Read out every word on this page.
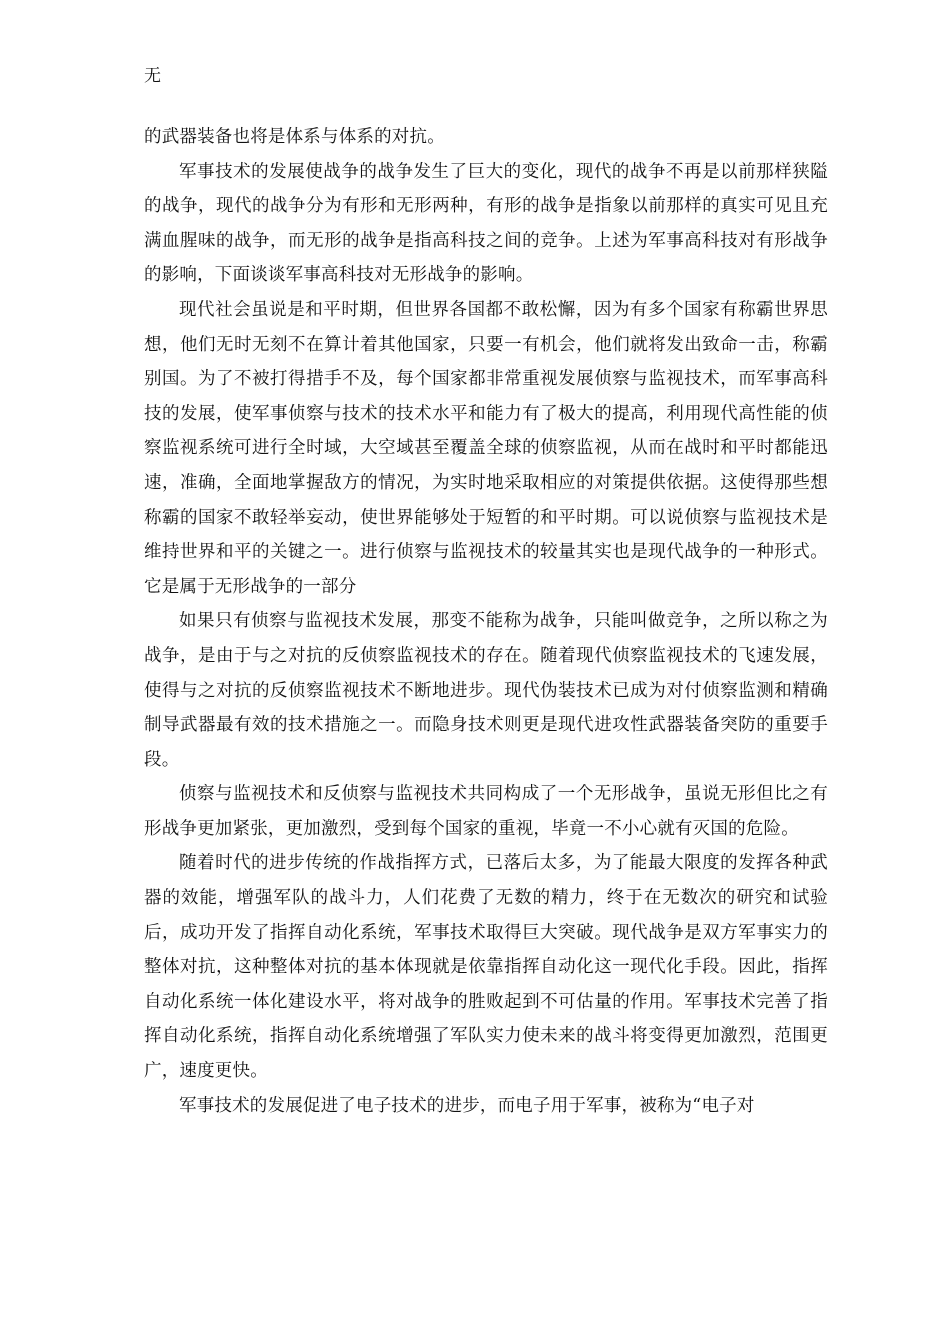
无

的武器装备也将是体系与体系的对抗。

军事技术的发展使战争的战争发生了巨大的变化，现代的战争不再是以前那样狭隘的战争，现代的战争分为有形和无形两种，有形的战争是指象以前那样的真实可见且充满血腥味的战争，而无形的战争是指高科技之间的竞争。上述为军事高科技对有形战争的影响，下面谈谈军事高科技对无形战争的影响。

现代社会虽说是和平时期，但世界各国都不敢松懈，因为有多个国家有称霸世界思想，他们无时无刻不在算计着其他国家，只要一有机会，他们就将发出致命一击，称霸别国。为了不被打得措手不及，每个国家都非常重视发展侦察与监视技术，而军事高科技的发展，使军事侦察与技术的技术水平和能力有了极大的提高，利用现代高性能的侦察监视系统可进行全时域，大空域甚至覆盖全球的侦察监视，从而在战时和平时都能迅速，准确，全面地掌握敌方的情况，为实时地采取相应的对策提供依据。这使得那些想称霸的国家不敢轻举妄动，使世界能够处于短暂的和平时期。可以说侦察与监视技术是维持世界和平的关键之一。进行侦察与监视技术的较量其实也是现代战争的一种形式。它是属于无形战争的一部分

如果只有侦察与监视技术发展，那变不能称为战争，只能叫做竞争，之所以称之为战争，是由于与之对抗的反侦察监视技术的存在。随着现代侦察监视技术的飞速发展，使得与之对抗的反侦察监视技术不断地进步。现代伪装技术已成为对付侦察监测和精确制导武器最有效的技术措施之一。而隐身技术则更是现代进攻性武器装备突防的重要手段。

侦察与监视技术和反侦察与监视技术共同构成了一个无形战争，虽说无形但比之有形战争更加紧张，更加激烈，受到每个国家的重视，毕竟一不小心就有灭国的危险。

随着时代的进步传统的作战指挥方式，已落后太多，为了能最大限度的发挥各种武器的效能，增强军队的战斗力，人们花费了无数的精力，终于在无数次的研究和试验后，成功开发了指挥自动化系统，军事技术取得巨大突破。现代战争是双方军事实力的整体对抗，这种整体对抗的基本体现就是依靠指挥自动化这一现代化手段。因此，指挥自动化系统一体化建设水平，将对战争的胜败起到不可估量的作用。军事技术完善了指挥自动化系统，指挥自动化系统增强了军队实力使未来的战斗将变得更加激烈，范围更广，速度更快。

军事技术的发展促进了电子技术的进步，而电子用于军事，被称为“电子对
